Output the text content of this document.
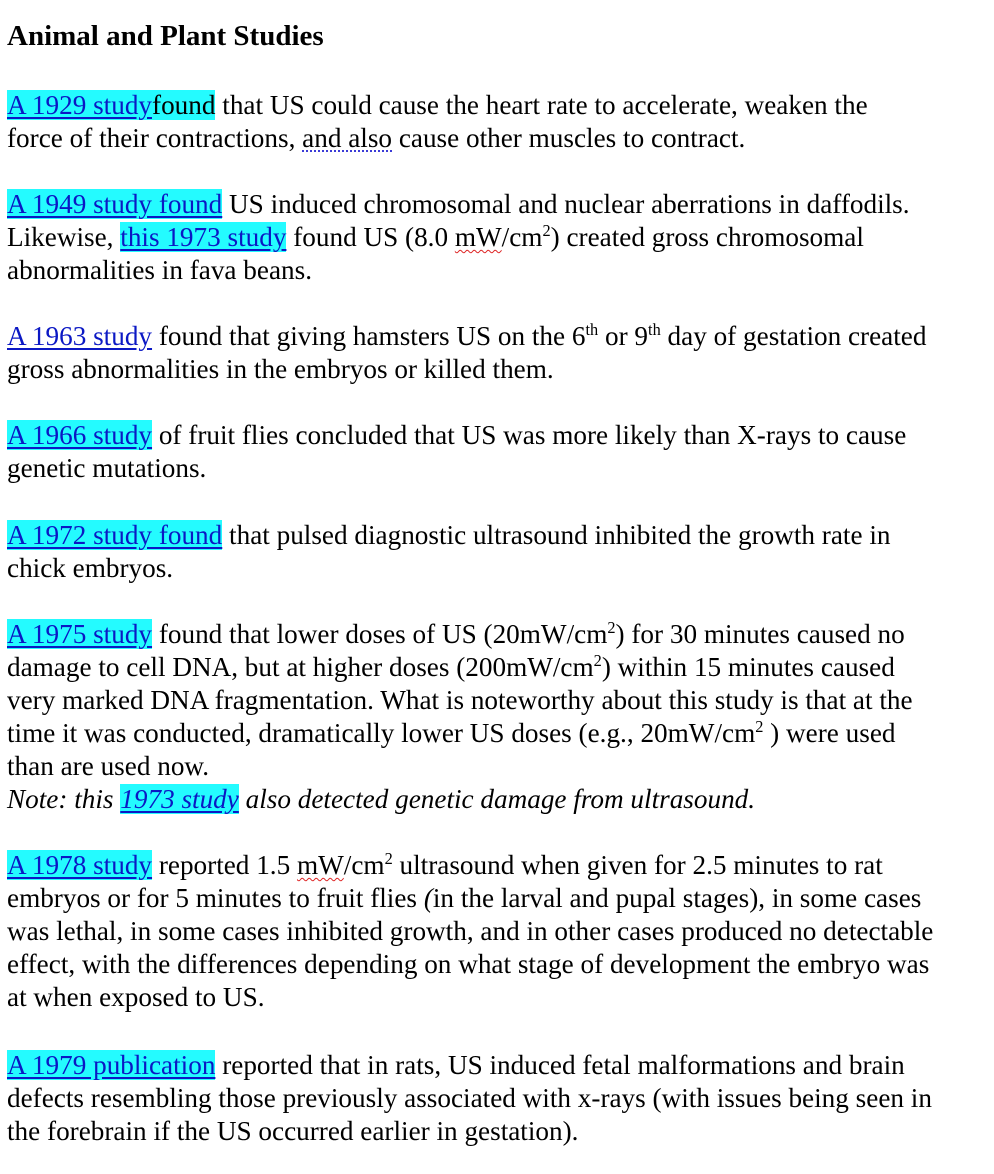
Animal and Plant Studies

A 1929 studyfound that US could cause the heart rate to accelerate, weaken the
force of their contractions, and also cause other muscles to contract.

A 1949 study found US induced chromosomal and nuclear aberrations in daffodils.
Likewise, this 1973 study found US (8.0 $mW/cm^2$) created gross chromosomal
abnormalities in fava beans.

A 1963 study found that giving hamsters US on the 6th or 9th day of gestation created
gross abnormalities in the embryos or killed them.

A 1966 study of fruit flies concluded that US was more likely than X-rays to cause
genetic mutations.

A 1972 study found that pulsed diagnostic ultrasound inhibited the growth rate in
chick embryos.

A 1975 study found that lower doses of US $(20mW/cm^2)$ for 30 minutes caused no
damage to cell DNA, but at higher doses $(200mW/cm^2)$ within 15 minutes caused
very marked DNA fragmentation. What is noteworthy about this study is that at the
time it was conducted, dramatically lower US doses (e.g., $20mW/cm^2$ ) were used
than are used now.
Note: this 1973 study also detected genetic damage from ultrasound.

A 1978 study reported 1.5 $mW/cm^2$ ultrasound when given for 2.5 minutes to rat
embryos or for 5 minutes to fruit flies (in the larval and pupal stages), in some cases
was lethal, in some cases inhibited growth, and in other cases produced no detectable
effect, with the differences depending on what stage of development the embryo was
at when exposed to US.

A 1979 publication reported that in rats, US induced fetal malformations and brain
defects resembling those previously associated with x-rays (with issues being seen in
the forebrain if the US occurred earlier in gestation).
